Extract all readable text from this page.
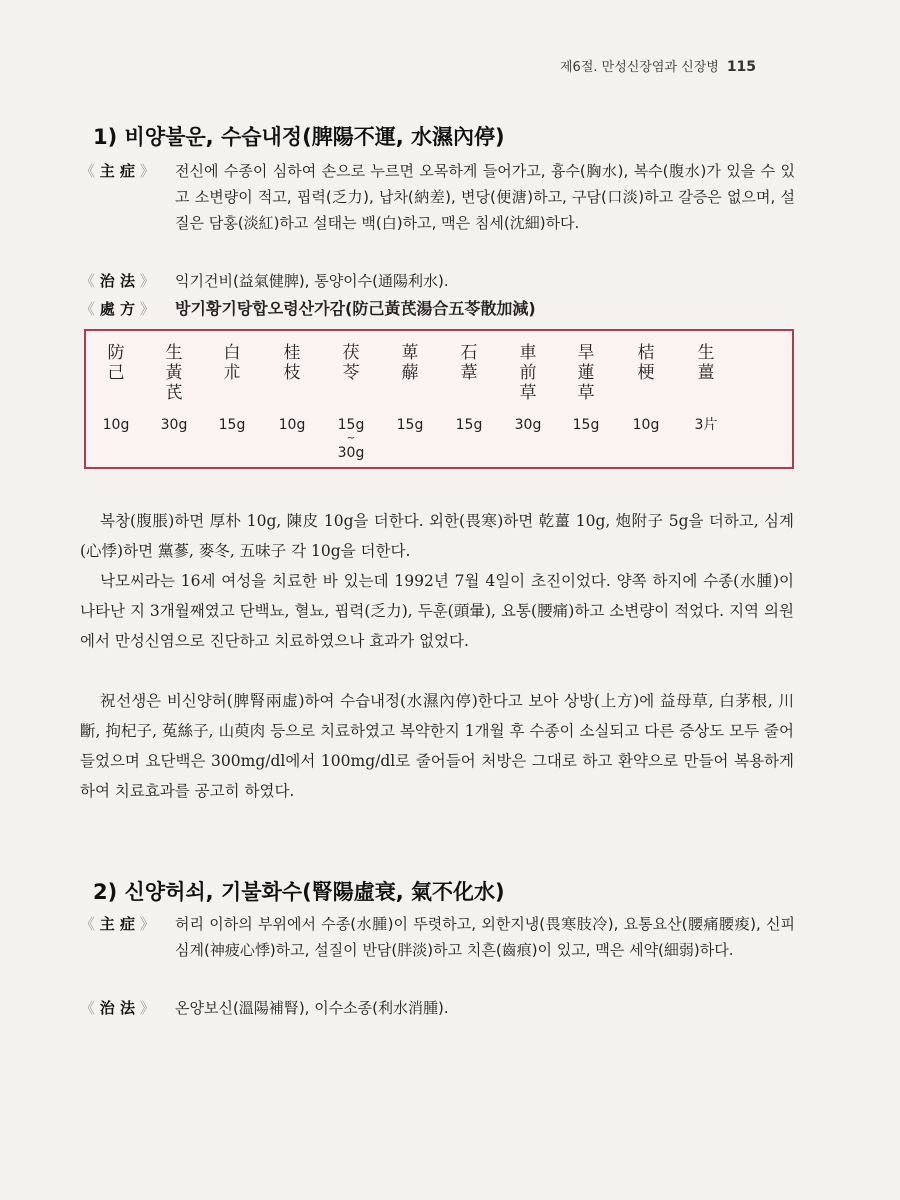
제6절. 만성신장염과 신장병 115
1) 비양불운, 수습내정(脾陽不運, 水濕內停)
《 主 症 》 전신에 수종이 심하여 손으로 누르면 오목하게 들어가고, 흉수(胸水), 복수(腹水)가 있을 수 있고 소변량이 적고, 핍력(乏力), 납차(納差), 변당(便溏)하고, 구담(口淡)하고 갈증은 없으며, 설질은 담홍(淡紅)하고 설태는 백(白)하고, 맥은 침세(沈細)하다.
《 治 法 》 익기건비(益氣健脾), 통양이수(通陽利水).
《 處 方 》 방기황기탕합오령산가감(防己黃芪湯合五苓散加減)
防己
10g
生黃芪
30g
白朮
15g
桂枝
10g
茯苓
15g
~
30g
萆薢
15g
石葦
15g
車前草
30g
旱蓮草
15g
桔梗
10g
生薑
3片
복창(腹脹)하면 厚朴 10g, 陳皮 10g을 더한다. 외한(畏寒)하면 乾薑 10g, 炮附子 5g을 더하고, 심계(心悸)하면 黨蔘, 麥冬, 五味子 각 10g을 더한다.
낙모씨라는 16세 여성을 치료한 바 있는데 1992년 7월 4일이 초진이었다. 양쪽 하지에 수종(水腫)이 나타난 지 3개월째였고 단백뇨, 혈뇨, 핍력(乏力), 두훈(頭暈), 요통(腰痛)하고 소변량이 적었다. 지역 의원에서 만성신염으로 진단하고 치료하였으나 효과가 없었다.
祝선생은 비신양허(脾腎兩虛)하여 수습내정(水濕內停)한다고 보아 상방(上方)에 益母草, 白茅根, 川斷, 拘杞子, 菟絲子, 山萸肉 등으로 치료하였고 복약한지 1개월 후 수종이 소실되고 다른 증상도 모두 줄어들었으며 요단백은 300mg/dl에서 100mg/dl로 줄어들어 처방은 그대로 하고 환약으로 만들어 복용하게 하여 치료효과를 공고히 하였다.
2) 신양허쇠, 기불화수(腎陽虛衰, 氣不化水)
《 主 症 》 허리 이하의 부위에서 수종(水腫)이 뚜렷하고, 외한지냉(畏寒肢冷), 요통요산(腰痛腰痠), 신피심계(神疲心悸)하고, 설질이 반담(胖淡)하고 치흔(齒痕)이 있고, 맥은 세약(細弱)하다.
《 治 法 》 온양보신(溫陽補腎), 이수소종(利水消腫).
